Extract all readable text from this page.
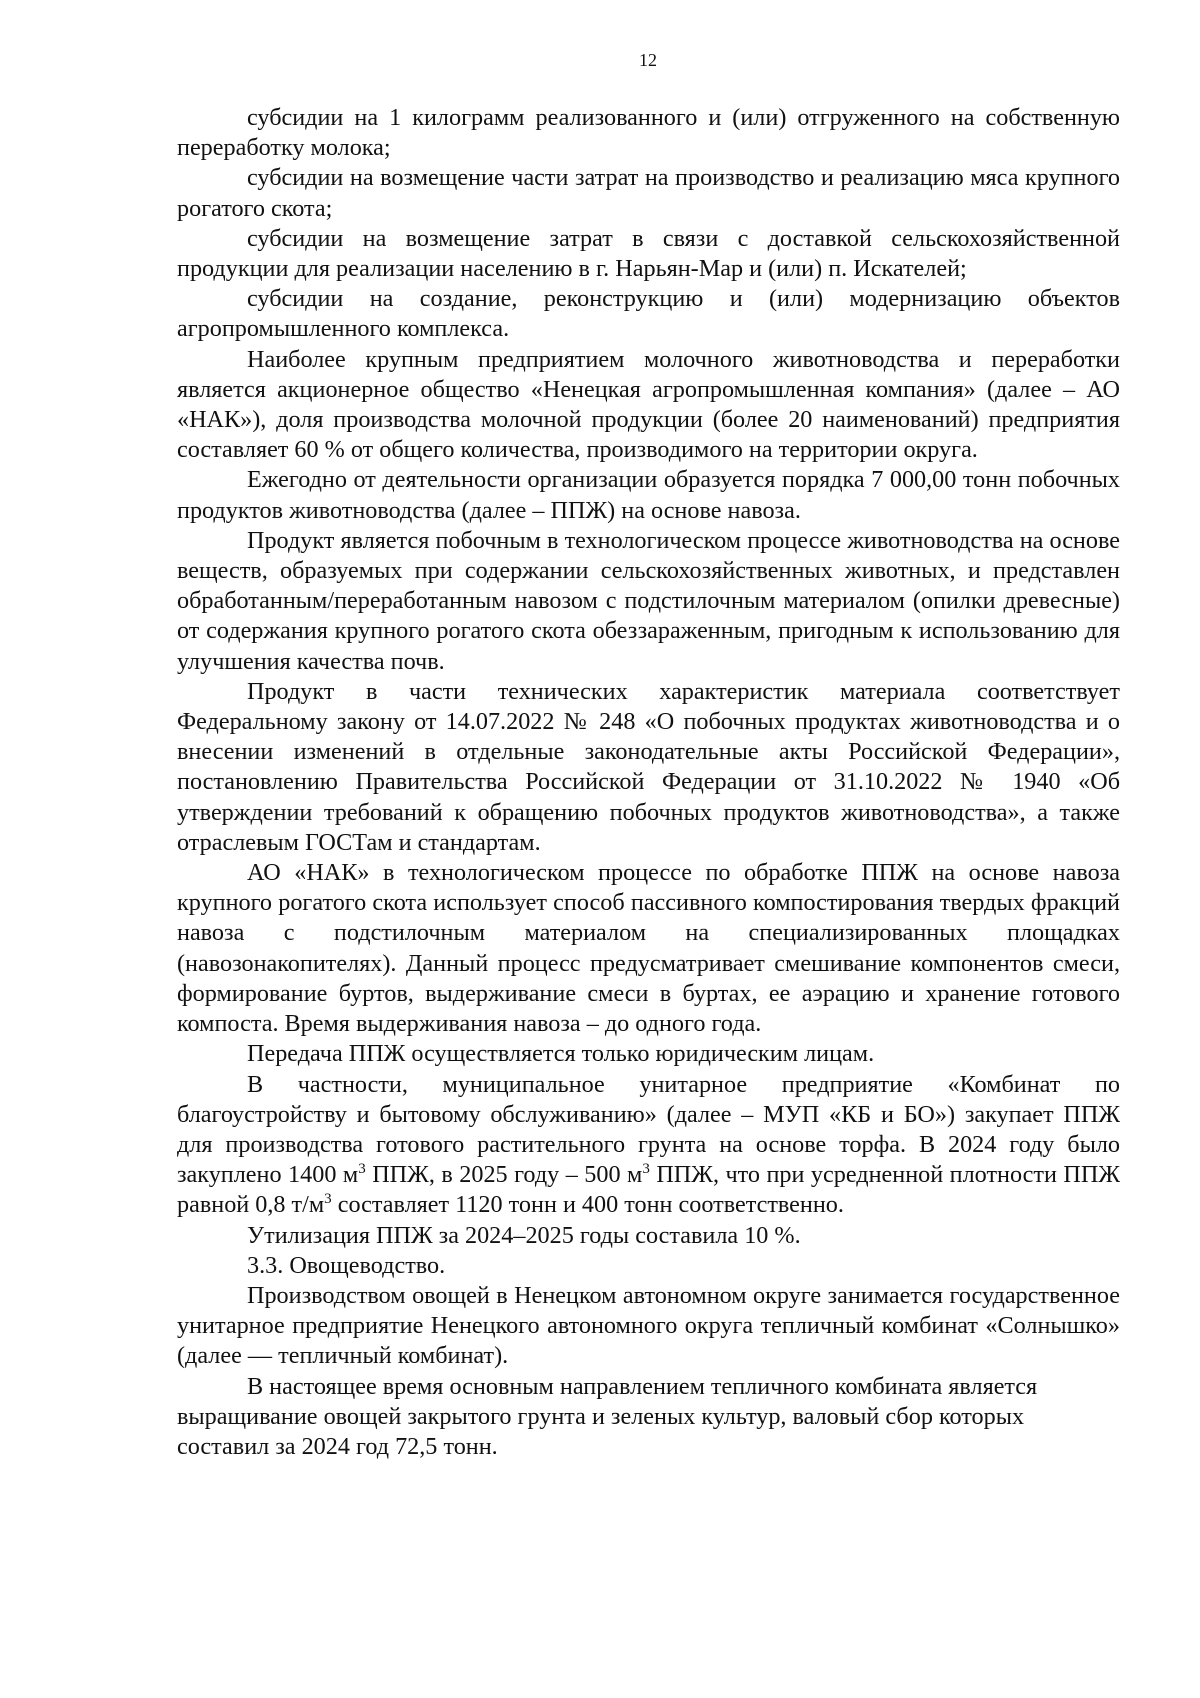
12

субсидии на 1 килограмм реализованного и (или) отгруженного на собственную переработку молока;

субсидии на возмещение части затрат на производство и реализацию мяса крупного рогатого скота;

субсидии на возмещение затрат в связи с доставкой сельскохозяйственной продукции для реализации населению в г. Нарьян-Мар и (или) п. Искателей;

субсидии на создание, реконструкцию и (или) модернизацию объектов агропромышленного комплекса.

Наиболее крупным предприятием молочного животноводства и переработки является акционерное общество «Ненецкая агропромышленная компания» (далее – АО «НАК»), доля производства молочной продукции (более 20 наименований) предприятия составляет 60 % от общего количества, производимого на территории округа.

Ежегодно от деятельности организации образуется порядка 7 000,00 тонн побочных продуктов животноводства (далее – ППЖ) на основе навоза.

Продукт является побочным в технологическом процессе животноводства на основе веществ, образуемых при содержании сельскохозяйственных животных, и представлен обработанным/переработанным навозом с подстилочным материалом (опилки древесные) от содержания крупного рогатого скота обеззараженным, пригодным к использованию для улучшения качества почв.

Продукт в части технических характеристик материала соответствует Федеральному закону от 14.07.2022 № 248 «О побочных продуктах животноводства и о внесении изменений в отдельные законодательные акты Российской Федерации», постановлению Правительства Российской Федерации от 31.10.2022 № 1940 «Об утверждении требований к обращению побочных продуктов животноводства», а также отраслевым ГОСТам и стандартам.

АО «НАК» в технологическом процессе по обработке ППЖ на основе навоза крупного рогатого скота использует способ пассивного компостирования твердых фракций навоза с подстилочным материалом на специализированных площадках (навозонакопителях). Данный процесс предусматривает смешивание компонентов смеси, формирование буртов, выдерживание смеси в буртах, ее аэрацию и хранение готового компоста. Время выдерживания навоза – до одного года.

Передача ППЖ осуществляется только юридическим лицам.

В частности, муниципальное унитарное предприятие «Комбинат по благоустройству и бытовому обслуживанию» (далее – МУП «КБ и БО») закупает ППЖ для производства готового растительного грунта на основе торфа. В 2024 году было закуплено 1400 $м^3$ ППЖ, в 2025 году – 500 $м^3$ ППЖ, что при усредненной плотности ППЖ равной 0,8 $т/м^3$ составляет 1120 тонн и 400 тонн соответственно.

Утилизация ППЖ за 2024–2025 годы составила 10 %.

3.3. Овощеводство.

Производством овощей в Ненецком автономном округе занимается государственное унитарное предприятие Ненецкого автономного округа тепличный комбинат «Солнышко» (далее — тепличный комбинат).

В настоящее время основным направлением тепличного комбината является выращивание овощей закрытого грунта и зеленых культур, валовый сбор которых составил за 2024 год 72,5 тонн.
